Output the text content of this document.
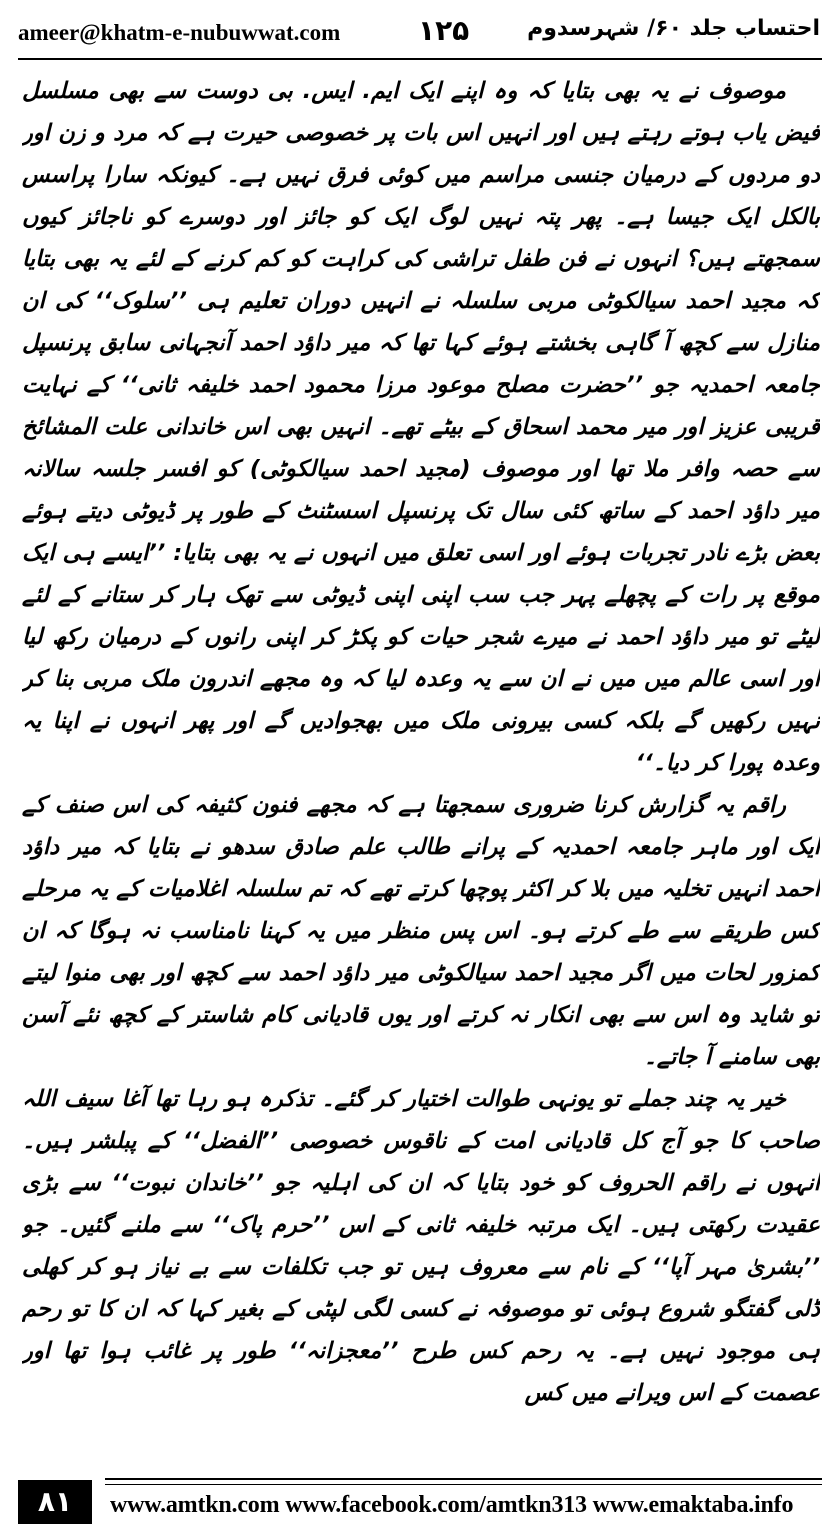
ameer@khatm-e-nubuwwat.com	۱۲۵	احتساب جلد ۶۰/ شہرسدوم

موصوف نے یہ بھی بتایا کہ وہ اپنے ایک ایم. ایس. بی دوست سے بھی مسلسل فیض یاب ہوتے رہتے ہیں اور انہیں اس بات پر خصوصی حیرت ہے کہ مرد و زن اور دو مردوں کے درمیان جنسی مراسم میں کوئی فرق نہیں ہے۔ کیونکہ سارا پراسس بالکل ایک جیسا ہے۔ پھر پتہ نہیں لوگ ایک کو جائز اور دوسرے کو ناجائز کیوں سمجھتے ہیں؟ انہوں نے فن طفل تراشی کی کراہت کو کم کرنے کے لئے یہ بھی بتایا کہ مجید احمد سیالکوٹی مربی سلسلہ نے انہیں دوران تعلیم ہی ’’سلوک‘‘ کی ان منازل سے کچھ آ گاہی بخشتے ہوئے کہا تھا کہ میر داؤد احمد آنجہانی سابق پرنسپل جامعہ احمدیہ جو ’’حضرت مصلح موعود مرزا محمود احمد خلیفہ ثانی‘‘ کے نہایت قریبی عزیز اور میر محمد اسحاق کے بیٹے تھے۔ انہیں بھی اس خاندانی علت المشائخ سے حصہ وافر ملا تھا اور موصوف (مجید احمد سیالکوٹی) کو افسر جلسہ سالانہ میر داؤد احمد کے ساتھ کئی سال تک پرنسپل اسسٹنٹ کے طور پر ڈیوٹی دیتے ہوئے بعض بڑے نادر تجربات ہوئے اور اسی تعلق میں انہوں نے یہ بھی بتایا: ’’ایسے ہی ایک موقع پر رات کے پچھلے پہر جب سب اپنی اپنی ڈیوٹی سے تھک ہار کر ستانے کے لئے لیٹے تو میر داؤد احمد نے میرے شجر حیات کو پکڑ کر اپنی رانوں کے درمیان رکھ لیا اور اسی عالم میں میں نے ان سے یہ وعدہ لیا کہ وہ مجھے اندرون ملک مربی بنا کر نہیں رکھیں گے بلکہ کسی بیرونی ملک میں بھجوادیں گے اور پھر انہوں نے اپنا یہ وعدہ پورا کر دیا۔‘‘

راقم یہ گزارش کرنا ضروری سمجھتا ہے کہ مجھے فنون کثیفہ کی اس صنف کے ایک اور ماہر جامعہ احمدیہ کے پرانے طالب علم صادق سدھو نے بتایا کہ میر داؤد احمد انہیں تخلیہ میں بلا کر اکثر پوچھا کرتے تھے کہ تم سلسلہ اغلامیات کے یہ مرحلے کس طریقے سے طے کرتے ہو۔ اس پس منظر میں یہ کہنا نامناسب نہ ہوگا کہ ان کمزور لحات میں اگر مجید احمد سیالکوٹی میر داؤد احمد سے کچھ اور بھی منوا لیتے تو شاید وہ اس سے بھی انکار نہ کرتے اور یوں قادیانی کام شاستر کے کچھ نئے آسن بھی سامنے آ جاتے۔

خیر یہ چند جملے تو یونہی طوالت اختیار کر گئے۔ تذکرہ ہو رہا تھا آغا سیف اللہ صاحب کا جو آج کل قادیانی امت کے ناقوس خصوصی ’’الفضل‘‘ کے پبلشر ہیں۔ انہوں نے راقم الحروف کو خود بتایا کہ ان کی اہلیہ جو ’’خاندان نبوت‘‘ سے بڑی عقیدت رکھتی ہیں۔ ایک مرتبہ خلیفہ ثانی کے اس ’’حرم پاک‘‘ سے ملنے گئیں۔ جو ’’بشریٰ مہر آپا‘‘ کے نام سے معروف ہیں تو جب تکلفات سے بے نیاز ہو کر کھلی ڈلی گفتگو شروع ہوئی تو موصوفہ نے کسی لگی لپٹی کے بغیر کہا کہ ان کا تو رحم ہی موجود نہیں ہے۔ یہ رحم کس طرح ’’معجزانہ‘‘ طور پر غائب ہوا تھا اور عصمت کے اس ویرانے میں کس

۸۱	www.amtkn.com www.facebook.com/amtkn313 www.emaktaba.info
